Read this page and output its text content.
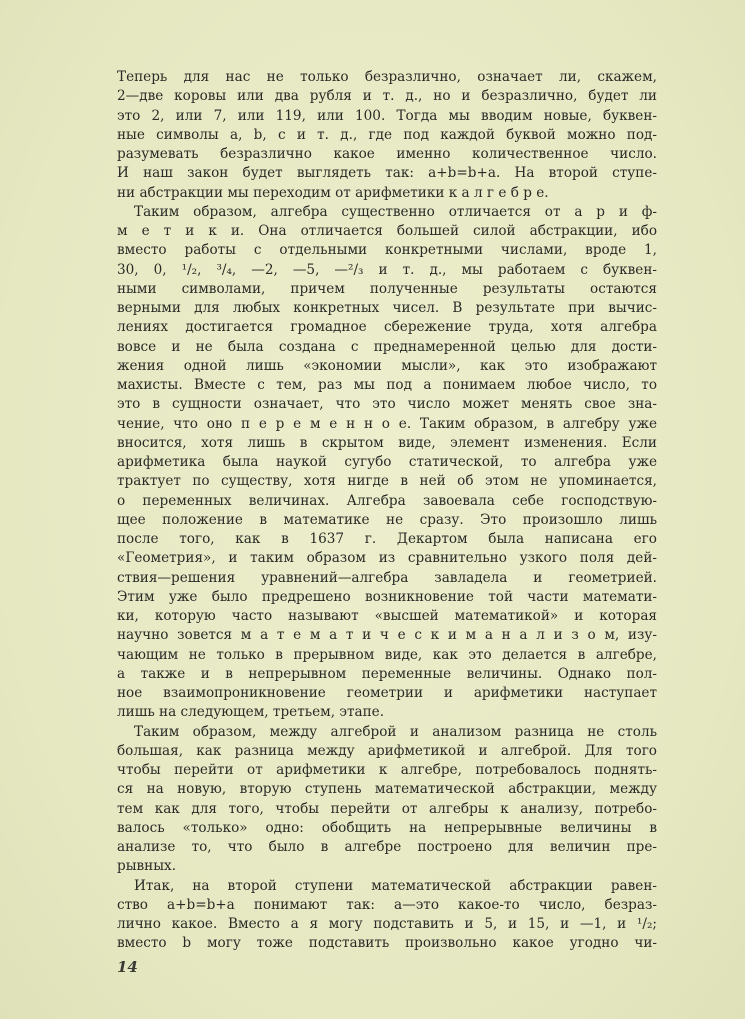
Теперь для нас не только безразлично, означает ли, скажем,
2—две коровы или два рубля и т. д., но и безразлично, будет ли
это 2, или 7, или 119, или 100. Тогда мы вводим новые, буквен-
ные символы a, b, c и т. д., где под каждой буквой можно под-
разумевать безразлично какое именно количественное число.
И наш закон будет выглядеть так: a+b=b+a. На второй ступе-
ни абстракции мы переходим от арифметики к а л г е б р е.
Таким образом, алгебра существенно отличается от а р и ф-
м е т и к и. Она отличается большей силой абстракции, ибо
вместо работы с отдельными конкретными числами, вроде 1,
30, 0, ¹/₂, ³/₄, —2, —5, —²/₃ и т. д., мы работаем с буквен-
ными символами, причем полученные результаты остаются
верными для любых конкретных чисел. В результате при вычис-
лениях достигается громадное сбережение труда, хотя алгебра
вовсе и не была создана с преднамеренной целью для дости-
жения одной лишь «экономии мысли», как это изображают
махисты. Вместе с тем, раз мы под a понимаем любое число, то
это в сущности означает, что это число может менять свое зна-
чение, что оно п е р е м е н н о е. Таким образом, в алгебру уже
вносится, хотя лишь в скрытом виде, элемент изменения. Если
арифметика была наукой сугубо статической, то алгебра уже
трактует по существу, хотя нигде в ней об этом не упоминается,
о переменных величинах. Алгебра завоевала себе господствую-
щее положение в математике не сразу. Это произошло лишь
после того, как в 1637 г. Декартом была написана его
«Геометрия», и таким образом из сравнительно узкого поля дей-
ствия—решения уравнений—алгебра завладела и геометрией.
Этим уже было предрешено возникновение той части математи-
ки, которую часто называют «высшей математикой» и которая
научно зовется м а т е м а т и ч е с к и м а н а л и з о м, изу-
чающим не только в прерывном виде, как это делается в алгебре,
а также и в непрерывном переменные величины. Однако пол-
ное взаимопроникновение геометрии и арифметики наступает
лишь на следующем, третьем, этапе.
Таким образом, между алгеброй и анализом разница не столь
большая, как разница между арифметикой и алгеброй. Для того
чтобы перейти от арифметики к алгебре, потребовалось поднять-
ся на новую, вторую ступень математической абстракции, между
тем как для того, чтобы перейти от алгебры к анализу, потребо-
валось «только» одно: обобщить на непрерывные величины в
анализе то, что было в алгебре построено для величин пре-
рывных.
Итак, на второй ступени математической абстракции равен-
ство a+b=b+a понимают так: a—это какое-то число, безраз-
лично какое. Вместо a я могу подставить и 5, и 15, и —1, и ¹/₂;
вместо b могу тоже подставить произвольно какое угодно чи-
14
